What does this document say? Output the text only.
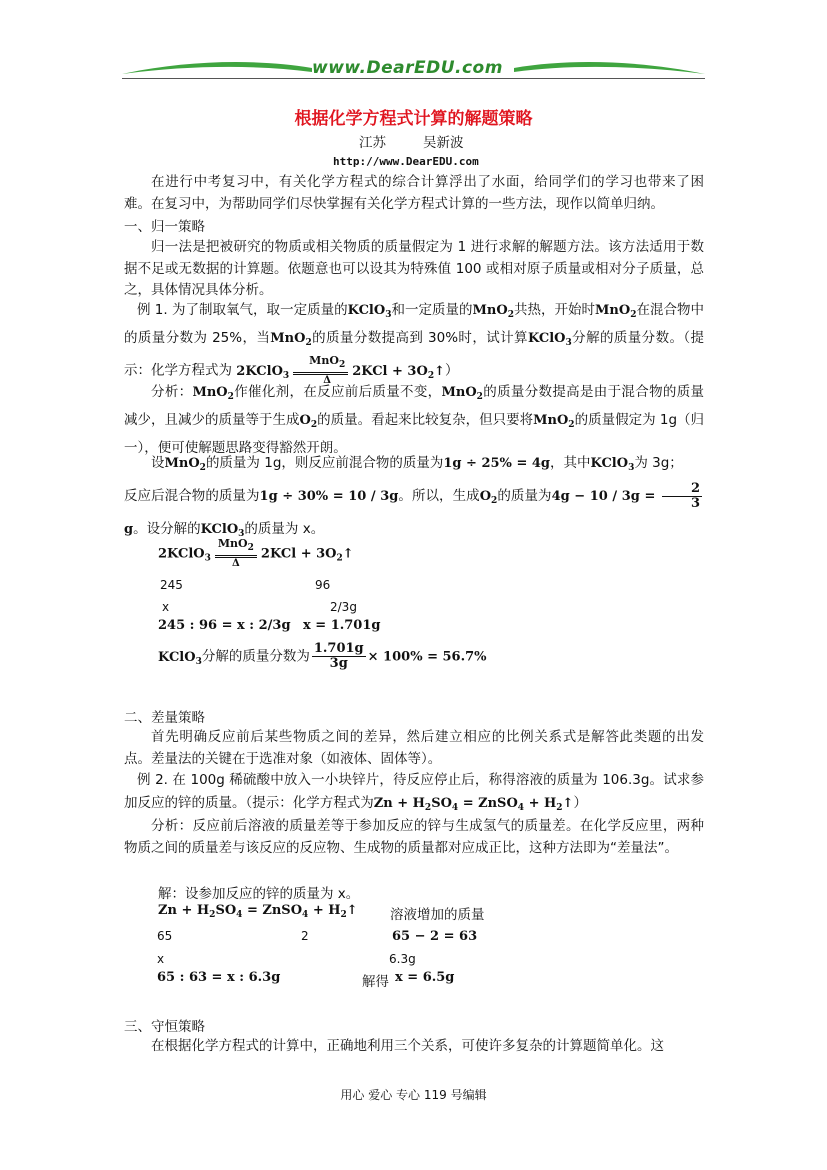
www.DearEDU.com
根据化学方程式计算的解题策略
江苏	吴新波
http://www.DearEDU.com
在进行中考复习中，有关化学方程式的综合计算浮出了水面，给同学们的学习也带来了困难。在复习中，为帮助同学们尽快掌握有关化学方程式计算的一些方法，现作以简单归纳。
一、归一策略
归一法是把被研究的物质或相关物质的质量假定为 1 进行求解的解题方法。该方法适用于数据不足或无数据的计算题。依题意也可以设其为特殊值 100 或相对原子质量或相对分子质量，总之，具体情况具体分析。
例 1. 为了制取氧气，取一定质量的KClO$_3$和一定质量的MnO$_2$共热，开始时MnO$_2$在混合物中的质量分数为 25%，当MnO$_2$的质量分数提高到 30%时，试计算KClO$_3$分解的质量分数。（提示：化学方程式为 2KClO$_3$
MnO$_2$
Δ
$2KCl + 3O_2↑$）
分析：MnO$_2$作催化剂，在反应前后质量不变，MnO$_2$的质量分数提高是由于混合物的质量减少，且减少的质量等于生成$O_2$的质量。看起来比较复杂，但只要将MnO$_2$的质量假定为 1g（归一），便可使解题思路变得豁然开朗。
设MnO$_2$的质量为 1g，则反应前混合物的质量为1g ÷ 25% = 4g，其中KClO$_3$为 3g；
反应后混合物的质量为1g ÷ 30% = 10 / 3g。所以，生成$O_2$的质量为$4g - 10 / 3g = \frac{2}{3}$
g。设分解的KClO$_3$的质量为 x。
2KClO$_3$
MnO$_2$
Δ
$2KCl + 3O_2↑$
245	96
x	2/3g
245 : 96 = x : 2/3g x = 1.701g
KClO$_3$分解的质量分数为 $\frac{1.701g}{3g} \times 100\% = 56.7\%$
二、差量策略
首先明确反应前后某些物质之间的差异，然后建立相应的比例关系式是解答此类题的出发点。差量法的关键在于选准对象（如液体、固体等）。
例 2. 在 100g 稀硫酸中放入一小块锌片，待反应停止后，称得溶液的质量为 106.3g。试求参加反应的锌的质量。（提示：化学方程式为$Zn + H_2SO_4$ = ZnSO$_4$ + $H_2↑$）
分析：反应前后溶液的质量差等于参加反应的锌与生成氢气的质量差。在化学反应里，两种物质之间的质量差与该反应的反应物、生成物的质量都对应成正比，这种方法即为“差量法”。
解：设参加反应的锌的质量为 x。
$Zn + H_2SO_4$ = ZnSO$_4$ + $H_2↑$ 溶液增加的质量
65	2	65 − 2 = 63
x	6.3g
65 : 63 = x : 6.3g	解得 x = 6.5g
三、守恒策略
在根据化学方程式的计算中，正确地利用三个关系，可使许多复杂的计算题简单化。这
用心 爱心 专心 119 号编辑
